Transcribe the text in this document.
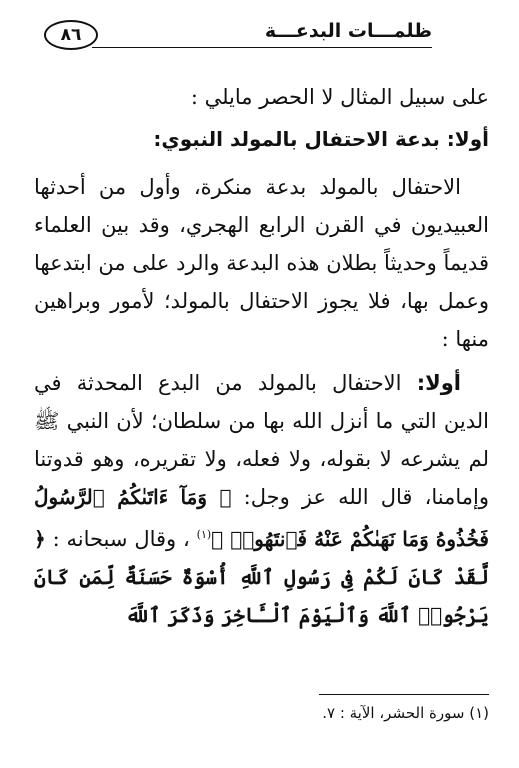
ظلمـــات البدعـــة
٨٦

على سبيل المثال لا الحصر مايلي :

أولا: بدعة الاحتفال بالمولد النبوي:

الاحتفال بالمولد بدعة منكرة، وأول من أحدثها العبيديون في القرن الرابع الهجري، وقد بين العلماء قديماً وحديثاً بطلان هذه البدعة والرد على من ابتدعها وعمل بها، فلا يجوز الاحتفال بالمولد؛ لأمور وبراهين منها :

أولا: الاحتفال بالمولد من البدع المحدثة في الدين التي ما أنزل الله بها من سلطان؛ لأن النبي ﷺ لم يشرعه لا بقوله، ولا فعله، ولا تقريره، وهو قدوتنا وإمامنا، قال الله عز وجل: ﴿ وَمَآ ءَاتَىٰكُمُ ٱلرَّسُولُ فَخُذُوهُ وَمَا نَهَىٰكُمْ عَنْهُ فَٱنتَهُوا۟ ﴾$^{(١)}$ ، وقال سبحانه : ﴿ لَّقَدْ كَانَ لَكُمْ فِى رَسُولِ ٱللَّهِ أُسْوَةٌ حَسَنَةٌ لِّمَن كَانَ يَرْجُوا۟ ٱللَّهَ وَٱلْيَوْمَ ٱلْـَٔاخِرَ وَذَكَرَ ٱللَّهَ

(١) سورة الحشر، الآية : ٧.
